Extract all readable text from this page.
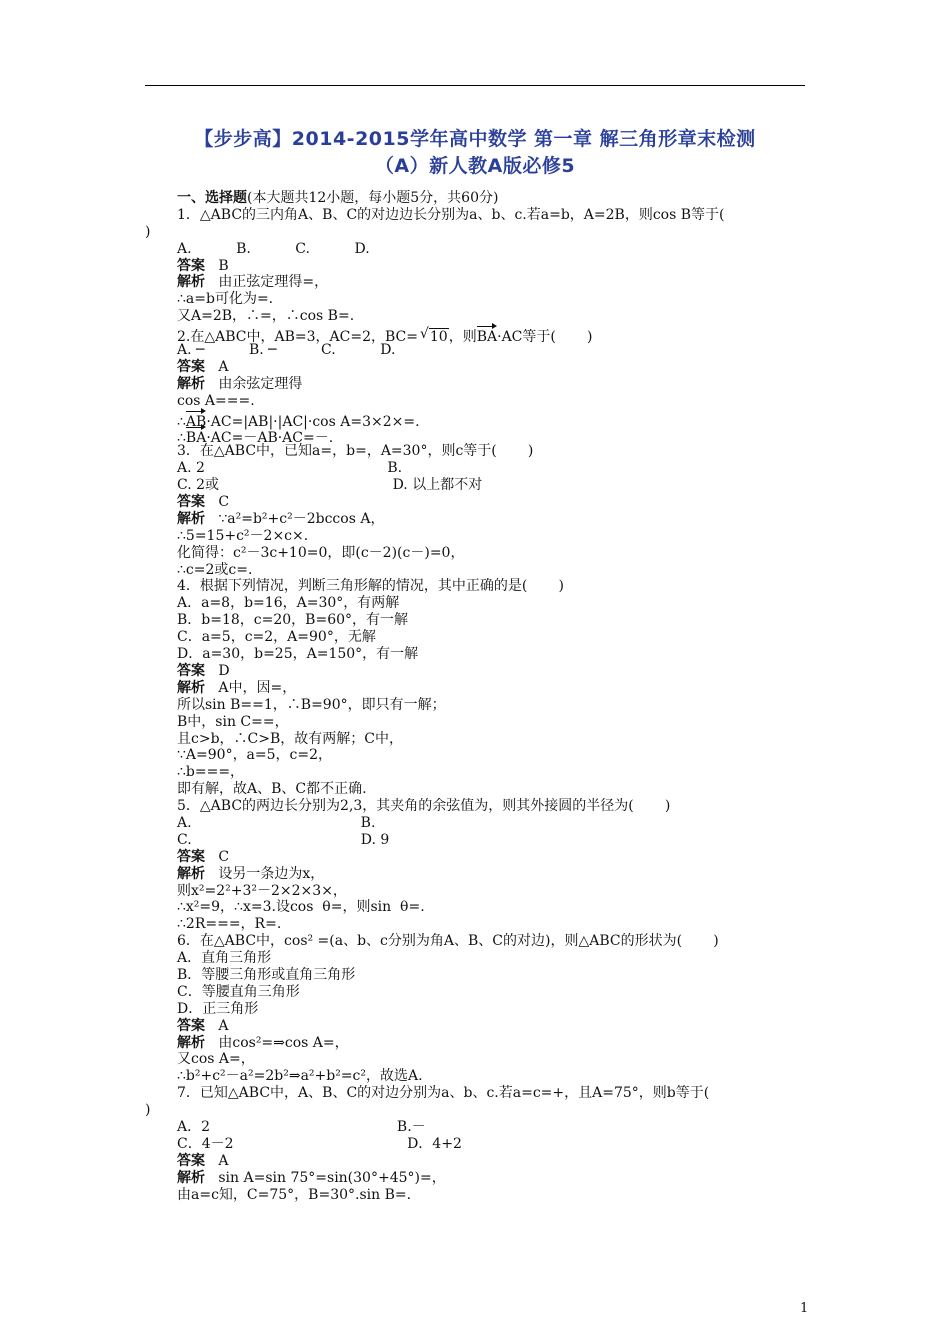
【步步高】2014-2015学年高中数学 第一章 解三角形章末检测
（A）新人教A版必修5
一、选择题(本大题共12小题，每小题5分，共60分)
1．△ABC的三内角A、B、C的对边边长分别为a、b、c.若a=b，A=2B，则cos B等于(
)
A.          B.          C.          D.
答案 B
解析 由正弦定理得=，
∴a=b可化为=.
又A=2B，∴=，∴cos B=.
2.在△ABC中，AB=3，AC=2，BC=  √ 10，则BA·AC等于(       )
A. ─          B. ─          C.          D.
答案 A
解析 由余弦定理得
cos A===.
∴AB·AC=|AB|·|AC|·cos A=3×2×=.
∴BA·AC=－AB·AC=－.
3．在△ABC中，已知a=，b=，A=30°，则c等于(       )
A. 2                                         B.
C. 2或                                       D. 以上都不对
答案 C
解析 ∵a²=b²+c²－2bccos A，
∴5=15+c²－2×c×.
化简得：c²－3c+10=0，即(c－2)(c－)=0，
∴c=2或c=.
4．根据下列情况，判断三角形解的情况，其中正确的是(       )
A．a=8，b=16，A=30°，有两解
B．b=18，c=20，B=60°，有一解
C．a=5，c=2，A=90°，无解
D．a=30，b=25，A=150°，有一解
答案 D
解析 A中，因=，
所以sin B==1，∴B=90°，即只有一解；
B中，sin C==，
且c>b，∴C>B，故有两解；C中，
∵A=90°，a=5，c=2，
∴b===，
即有解，故A、B、C都不正确.
5．△ABC的两边长分别为2,3，其夹角的余弦值为，则其外接圆的半径为(       )
A.                                      B.
C.                                      D. 9
答案 C
解析 设另一条边为x，
则x²=2²+3²－2×2×3×，
∴x²=9，∴x=3.设cos  θ=，则sin  θ=.
∴2R===，R=.
6．在△ABC中，cos² =(a、b、c分别为角A、B、C的对边)，则△ABC的形状为(       )
A．直角三角形
B．等腰三角形或直角三角形
C．等腰直角三角形
D．正三角形
答案 A
解析 由cos²=⇒cos A=，
又cos A=，
∴b²+c²－a²=2b²⇒a²+b²=c²，故选A.
7．已知△ABC中，A、B、C的对边分别为a、b、c.若a=c=+，且A=75°，则b等于(
)
A．2                                          B.－
C．4－2                                       D．4+2
答案 A
解析 sin A=sin 75°=sin(30°+45°)=，
由a=c知，C=75°，B=30°.sin B=.
1
